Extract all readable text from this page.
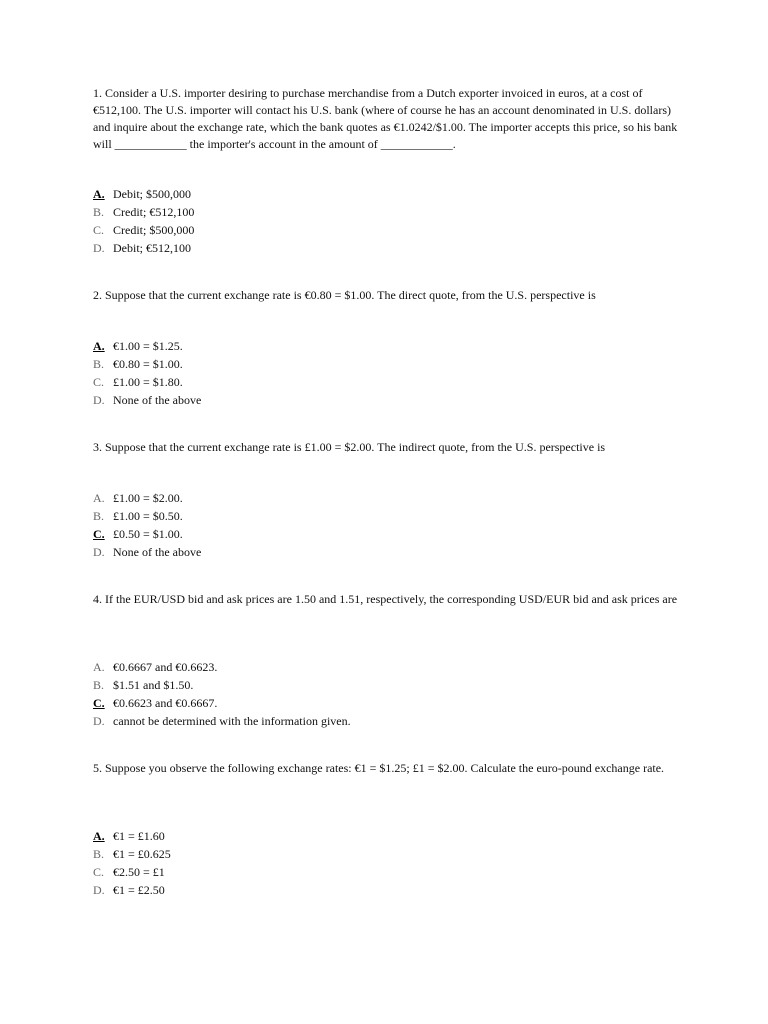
1. Consider a U.S. importer desiring to purchase merchandise from a Dutch exporter invoiced in euros, at a cost of €512,100. The U.S. importer will contact his U.S. bank (where of course he has an account denominated in U.S. dollars) and inquire about the exchange rate, which the bank quotes as €1.0242/$1.00. The importer accepts this price, so his bank will ____________ the importer's account in the amount of ____________.

A. Debit; $500,000
B. Credit; €512,100
C. Credit; $500,000
D. Debit; €512,100

2. Suppose that the current exchange rate is €0.80 = $1.00. The direct quote, from the U.S. perspective is

A. €1.00 = $1.25.
B. €0.80 = $1.00.
C. £1.00 = $1.80.
D. None of the above

3. Suppose that the current exchange rate is £1.00 = $2.00. The indirect quote, from the U.S. perspective is

A. £1.00 = $2.00.
B. £1.00 = $0.50.
C. £0.50 = $1.00.
D. None of the above

4. If the EUR/USD bid and ask prices are 1.50 and 1.51, respectively, the corresponding USD/EUR bid and ask prices are

A. €0.6667 and €0.6623.
B. $1.51 and $1.50.
C. €0.6623 and €0.6667.
D. cannot be determined with the information given.

5. Suppose you observe the following exchange rates: €1 = $1.25; £1 = $2.00. Calculate the euro-pound exchange rate.

A. €1 = £1.60
B. €1 = £0.625
C. €2.50 = £1
D. €1 = £2.50
